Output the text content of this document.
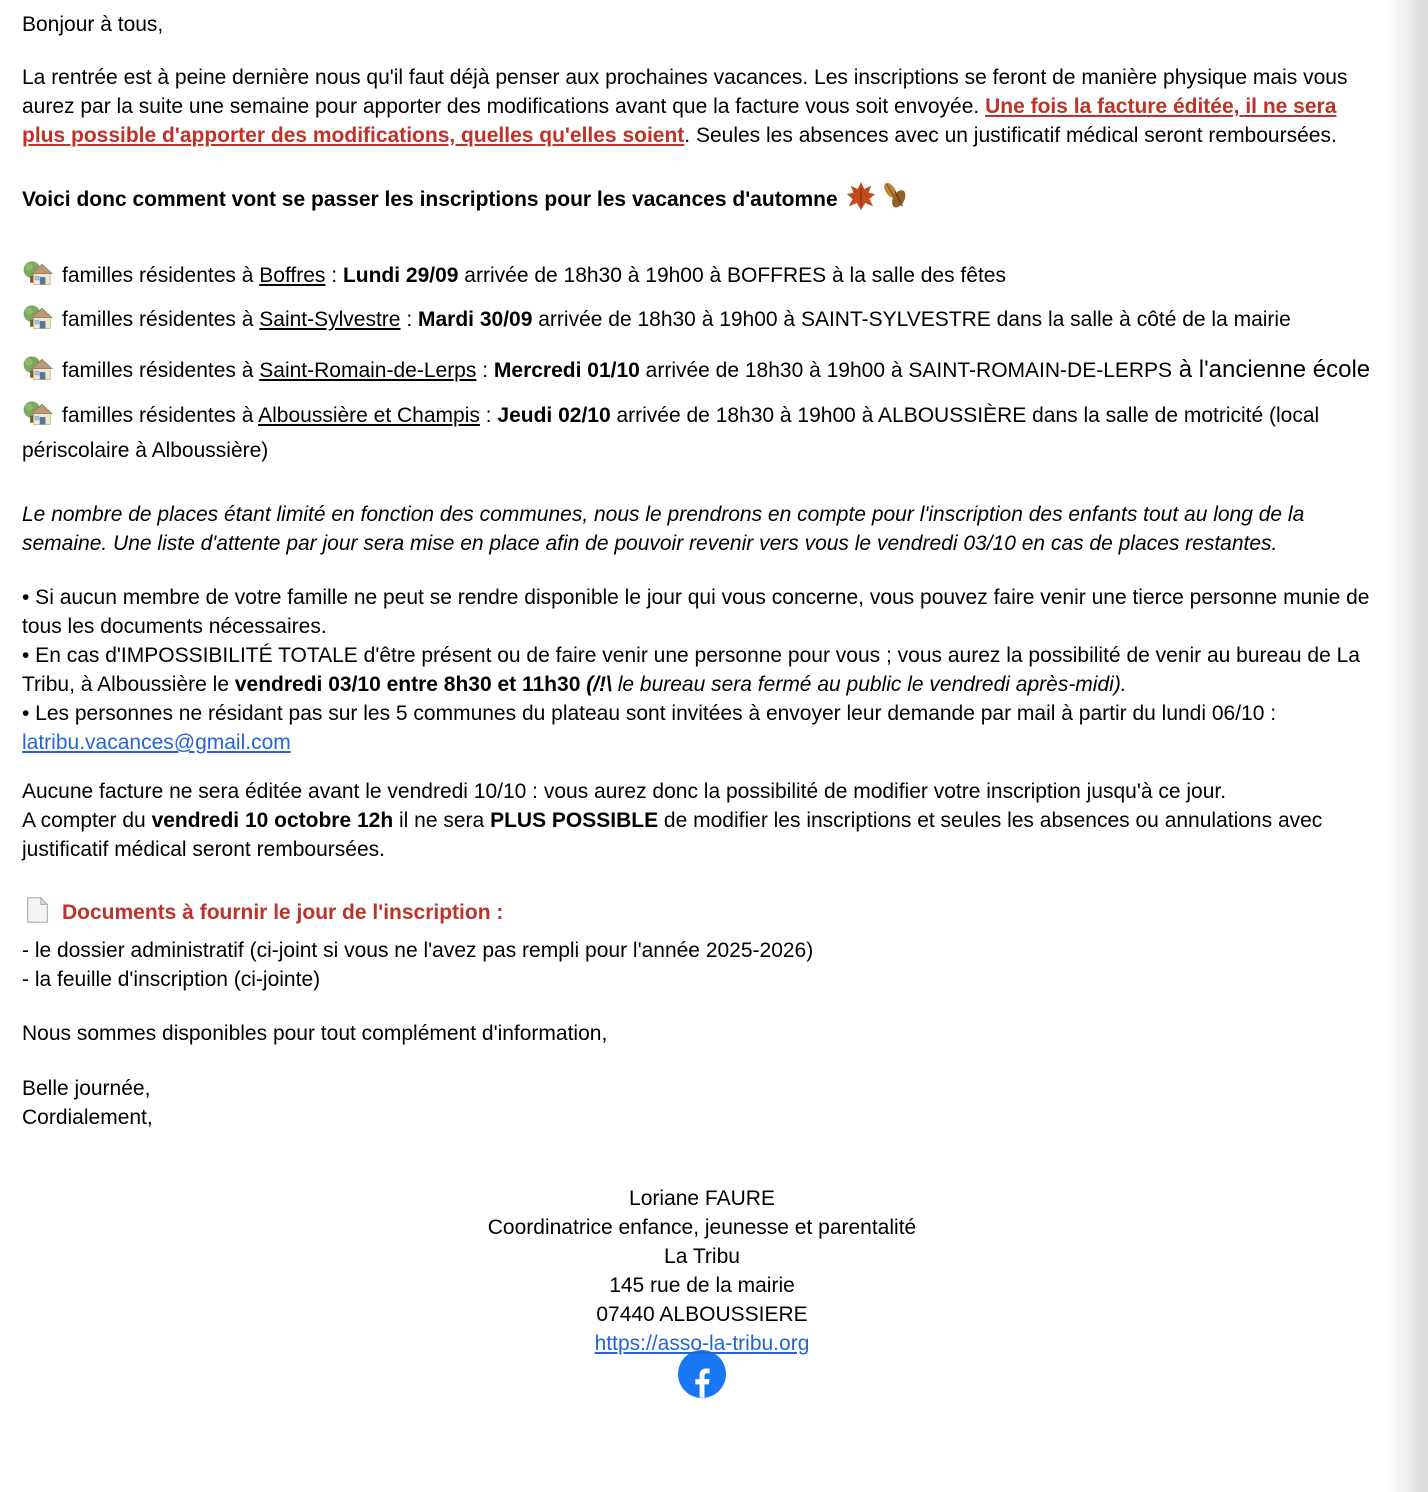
Bonjour à tous,

La rentrée est à peine dernière nous qu'il faut déjà penser aux prochaines vacances. Les inscriptions se feront de manière physique mais vous aurez par la suite une semaine pour apporter des modifications avant que la facture vous soit envoyée. Une fois la facture éditée, il ne sera plus possible d'apporter des modifications, quelles qu'elles soient. Seules les absences avec un justificatif médical seront remboursées.

Voici donc comment vont se passer les inscriptions pour les vacances d'automne

familles résidentes à Boffres : Lundi 29/09 arrivée de 18h30 à 19h00 à BOFFRES à la salle des fêtes

familles résidentes à Saint-Sylvestre : Mardi 30/09 arrivée de 18h30 à 19h00 à SAINT-SYLVESTRE dans la salle à côté de la mairie

familles résidentes à Saint-Romain-de-Lerps : Mercredi 01/10 arrivée de 18h30 à 19h00 à SAINT-ROMAIN-DE-LERPS à l'ancienne école

familles résidentes à Alboussière et Champis : Jeudi 02/10 arrivée de 18h30 à 19h00 à ALBOUSSIÈRE dans la salle de motricité (local périscolaire à Alboussière)

Le nombre de places étant limité en fonction des communes, nous le prendrons en compte pour l'inscription des enfants tout au long de la semaine. Une liste d'attente par jour sera mise en place afin de pouvoir revenir vers vous le vendredi 03/10 en cas de places restantes.

• Si aucun membre de votre famille ne peut se rendre disponible le jour qui vous concerne, vous pouvez faire venir une tierce personne munie de tous les documents nécessaires.

• En cas d'IMPOSSIBILITÉ TOTALE d'être présent ou de faire venir une personne pour vous ; vous aurez la possibilité de venir au bureau de La Tribu, à Alboussière le vendredi 03/10 entre 8h30 et 11h30 (/!\ le bureau sera fermé au public le vendredi après-midi).

• Les personnes ne résidant pas sur les 5 communes du plateau sont invitées à envoyer leur demande par mail à partir du lundi 06/10 : latribu.vacances@gmail.com

Aucune facture ne sera éditée avant le vendredi 10/10 : vous aurez donc la possibilité de modifier votre inscription jusqu'à ce jour.

A compter du vendredi 10 octobre 12h il ne sera PLUS POSSIBLE de modifier les inscriptions et seules les absences ou annulations avec justificatif médical seront remboursées.

Documents à fournir le jour de l'inscription :

- le dossier administratif (ci-joint si vous ne l'avez pas rempli pour l'année 2025-2026)

- la feuille d'inscription (ci-jointe)

Nous sommes disponibles pour tout complément d'information,

Belle journée,

Cordialement,

Loriane FAURE

Coordinatrice enfance, jeunesse et parentalité

La Tribu

145 rue de la mairie

07440 ALBOUSSIERE

https://asso-la-tribu.org
